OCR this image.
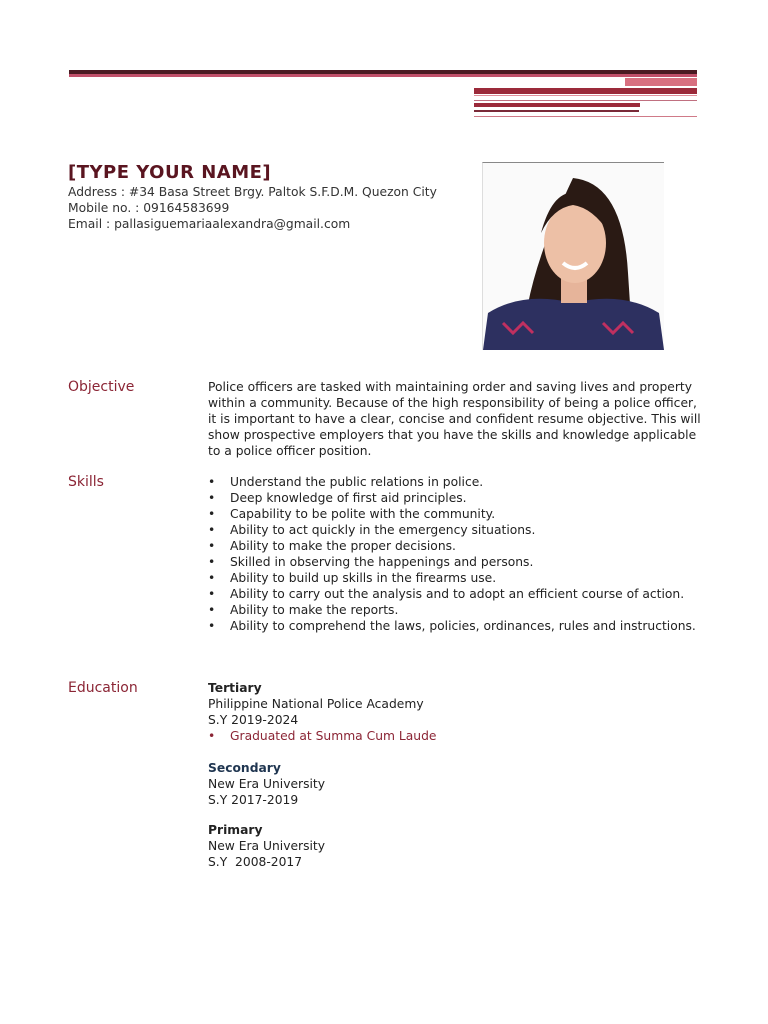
[TYPE YOUR NAME]
Address : #34 Basa Street Brgy. Paltok S.F.D.M. Quezon City
Mobile no. : 09164583699
Email : pallasiguemariaalexandra@gmail.com
Objective	Police officers are tasked with maintaining order and saving lives and property within a community. Because of the high responsibility of being a police officer, it is important to have a clear, concise and confident resume objective. This will show prospective employers that you have the skills and knowledge applicable to a police officer position.
Skills	• Understand the public relations in police.
• Deep knowledge of first aid principles.
• Capability to be polite with the community.
• Ability to act quickly in the emergency situations.
• Ability to make the proper decisions.
• Skilled in observing the happenings and persons.
• Ability to build up skills in the firearms use.
• Ability to carry out the analysis and to adopt an efficient course of action.
• Ability to make the reports.
• Ability to comprehend the laws, policies, ordinances, rules and instructions.
Education	Tertiary
Philippine National Police Academy
S.Y 2019-2024
• Graduated at Summa Cum Laude
Secondary
New Era University
S.Y 2017-2019
Primary
New Era University
S.Y  2008-2017
